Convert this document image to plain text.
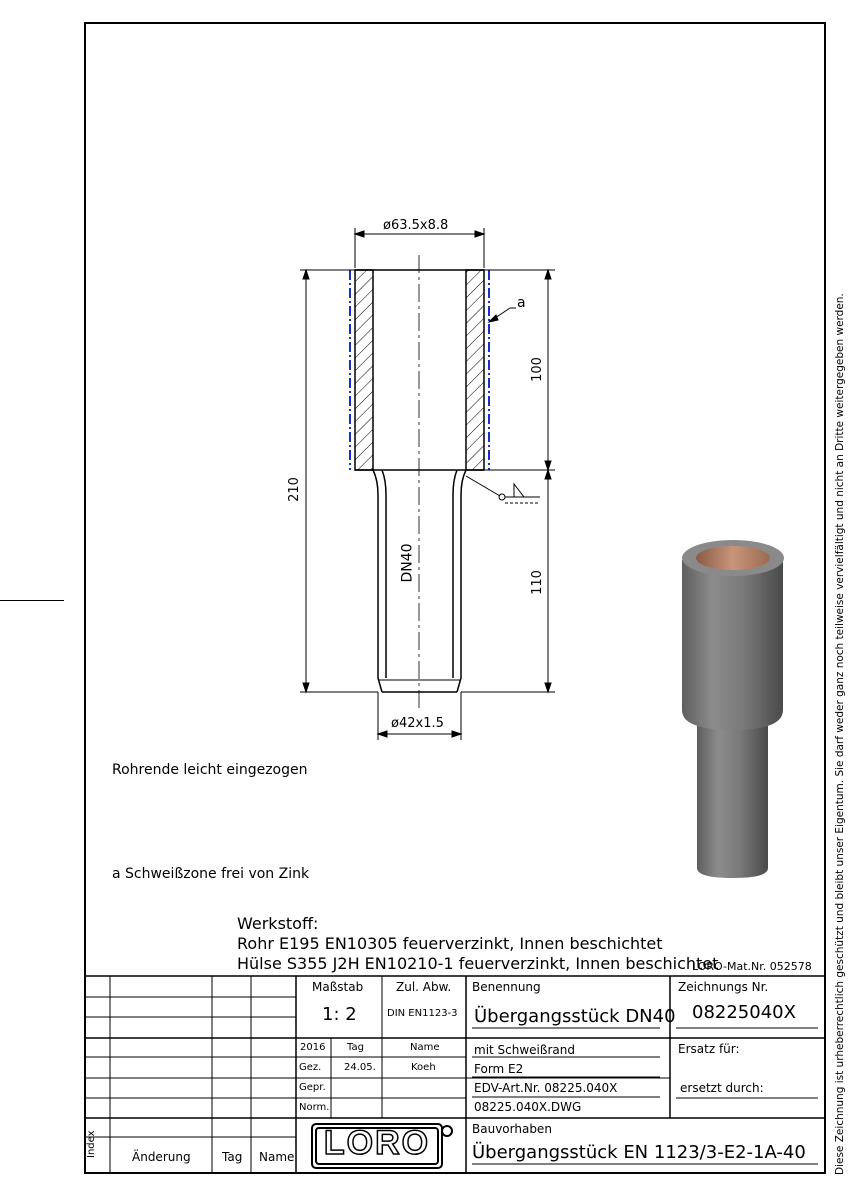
LORO
ø63.5x8.8
ø42x1.5
210
100
110
DN40
a
Rohrende leicht eingezogen
a Schweißzone frei von Zink
Werkstoff:
Rohr E195 EN10305 feuerverzinkt, Innen beschichtet
Hülse S355 J2H EN10210-1 feuerverzinkt, Innen beschichtet
LORO-Mat.Nr. 052578 Diese Zeichnung ist urheberrechtlich geschützt und bleibt unser Eigentum. Sie darf weder ganz noch teilweise vervielfältigt und nicht an Dritte weitergegeben werden.
Maßstab
1: 2
Zul. Abw.
DIN EN1123-3
Benennung
Übergangsstück DN40
Zeichnungs Nr.
08225040X
2016 Tag	Name
Gez. 24.05.	Koeh
Gepr.
Norm.
mit Schweißrand
Form E2
EDV-Art.Nr. 08225.040X
08225.040X.DWG
Ersatz für:
ersetzt durch:
Bauvorhaben
Übergangsstück EN 1123/3-E2-1A-40
Index	Änderung	Tag Name
